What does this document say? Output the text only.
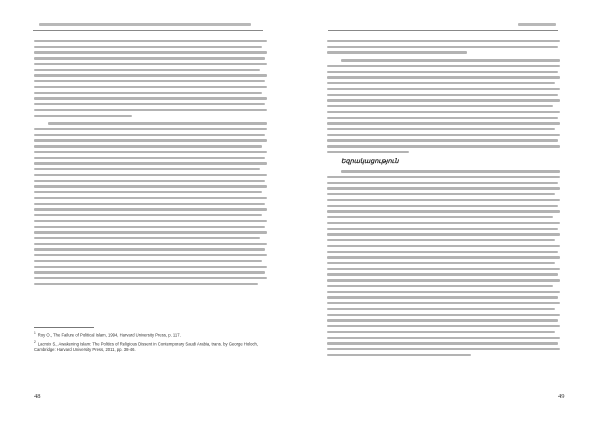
$^1$ Roy O., The Failure of Political Islam, 1994, Harvard University Press, p. 117.
$^2$ Lacroix S., Awakening Islam: The Politics of Religious Dissent in Contemporary Saudi Arabia, trans. by George Holoch, Cambridge: Harvard University Press, 2011, pp. 38-46.
48
Եզրակացություն
49
